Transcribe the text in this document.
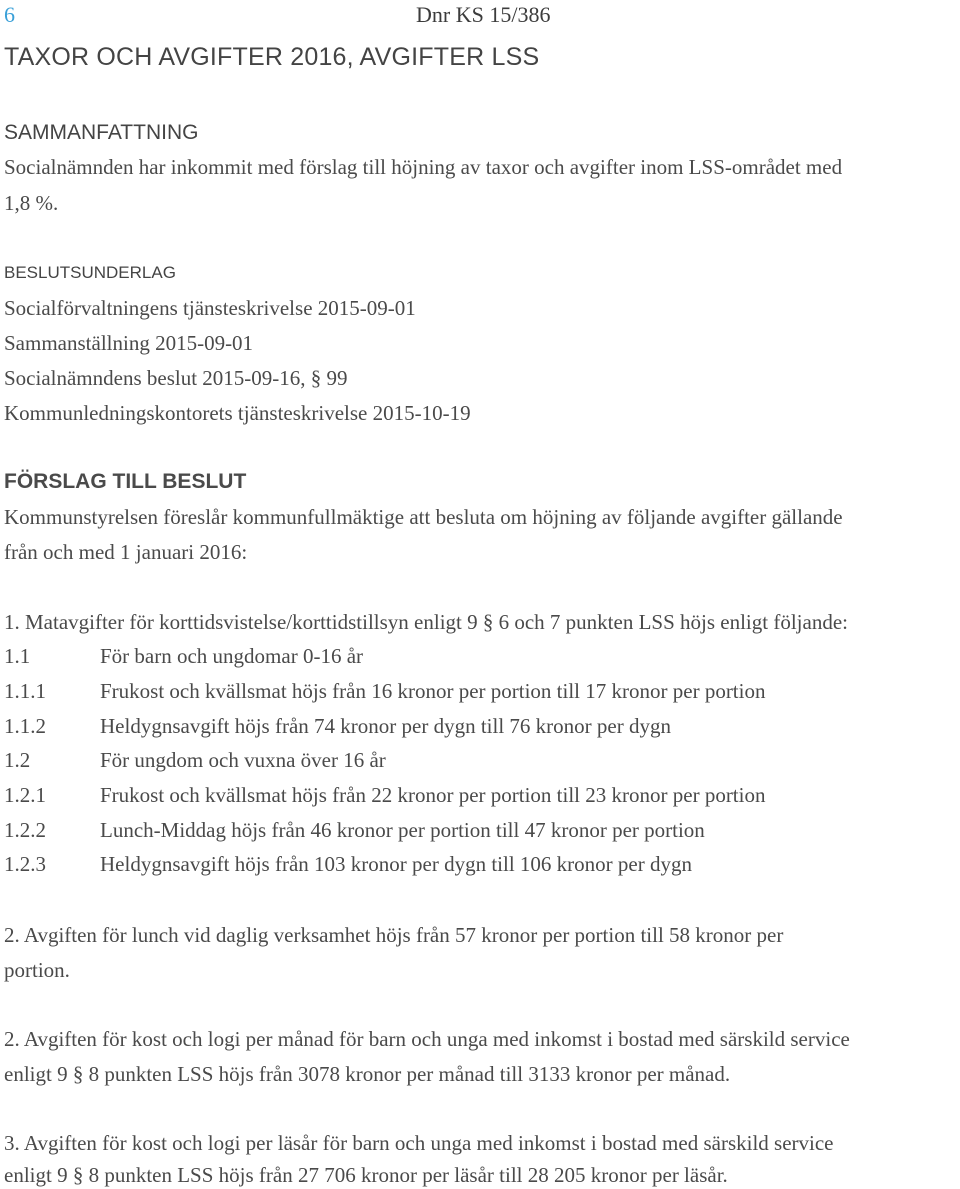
6	Dnr KS 15/386
TAXOR OCH AVGIFTER 2016, AVGIFTER LSS
SAMMANFATTNING
Socialnämnden har inkommit med förslag till höjning av taxor och avgifter inom LSS-området med
1,8 %.
BESLUTSUNDERLAG
Socialförvaltningens tjänsteskrivelse 2015-09-01
Sammanställning 2015-09-01
Socialnämndens beslut 2015-09-16, § 99
Kommunledningskontorets tjänsteskrivelse 2015-10-19
FÖRSLAG TILL BESLUT
Kommunstyrelsen föreslår kommunfullmäktige att besluta om höjning av följande avgifter gällande
från och med 1 januari 2016:
1. Matavgifter för korttidsvistelse/korttidstillsyn enligt 9 § 6 och 7 punkten LSS höjs enligt följande:
1.1	För barn och ungdomar 0-16 år
1.1.1	Frukost och kvällsmat höjs från 16 kronor per portion till 17 kronor per portion
1.1.2	Heldygnsavgift höjs från 74 kronor per dygn till 76 kronor per dygn
1.2	För ungdom och vuxna över 16 år
1.2.1	Frukost och kvällsmat höjs från 22 kronor per portion till 23 kronor per portion
1.2.2	Lunch-Middag höjs från 46 kronor per portion till 47 kronor per portion
1.2.3	Heldygnsavgift höjs från 103 kronor per dygn till 106 kronor per dygn
2. Avgiften för lunch vid daglig verksamhet höjs från 57 kronor per portion till 58 kronor per
portion.
2. Avgiften för kost och logi per månad för barn och unga med inkomst i bostad med särskild service
enligt 9 § 8 punkten LSS höjs från 3078 kronor per månad till 3133 kronor per månad.
3. Avgiften för kost och logi per läsår för barn och unga med inkomst i bostad med särskild service
enligt 9 § 8 punkten LSS höjs från 27 706 kronor per läsår till 28 205 kronor per läsår.
